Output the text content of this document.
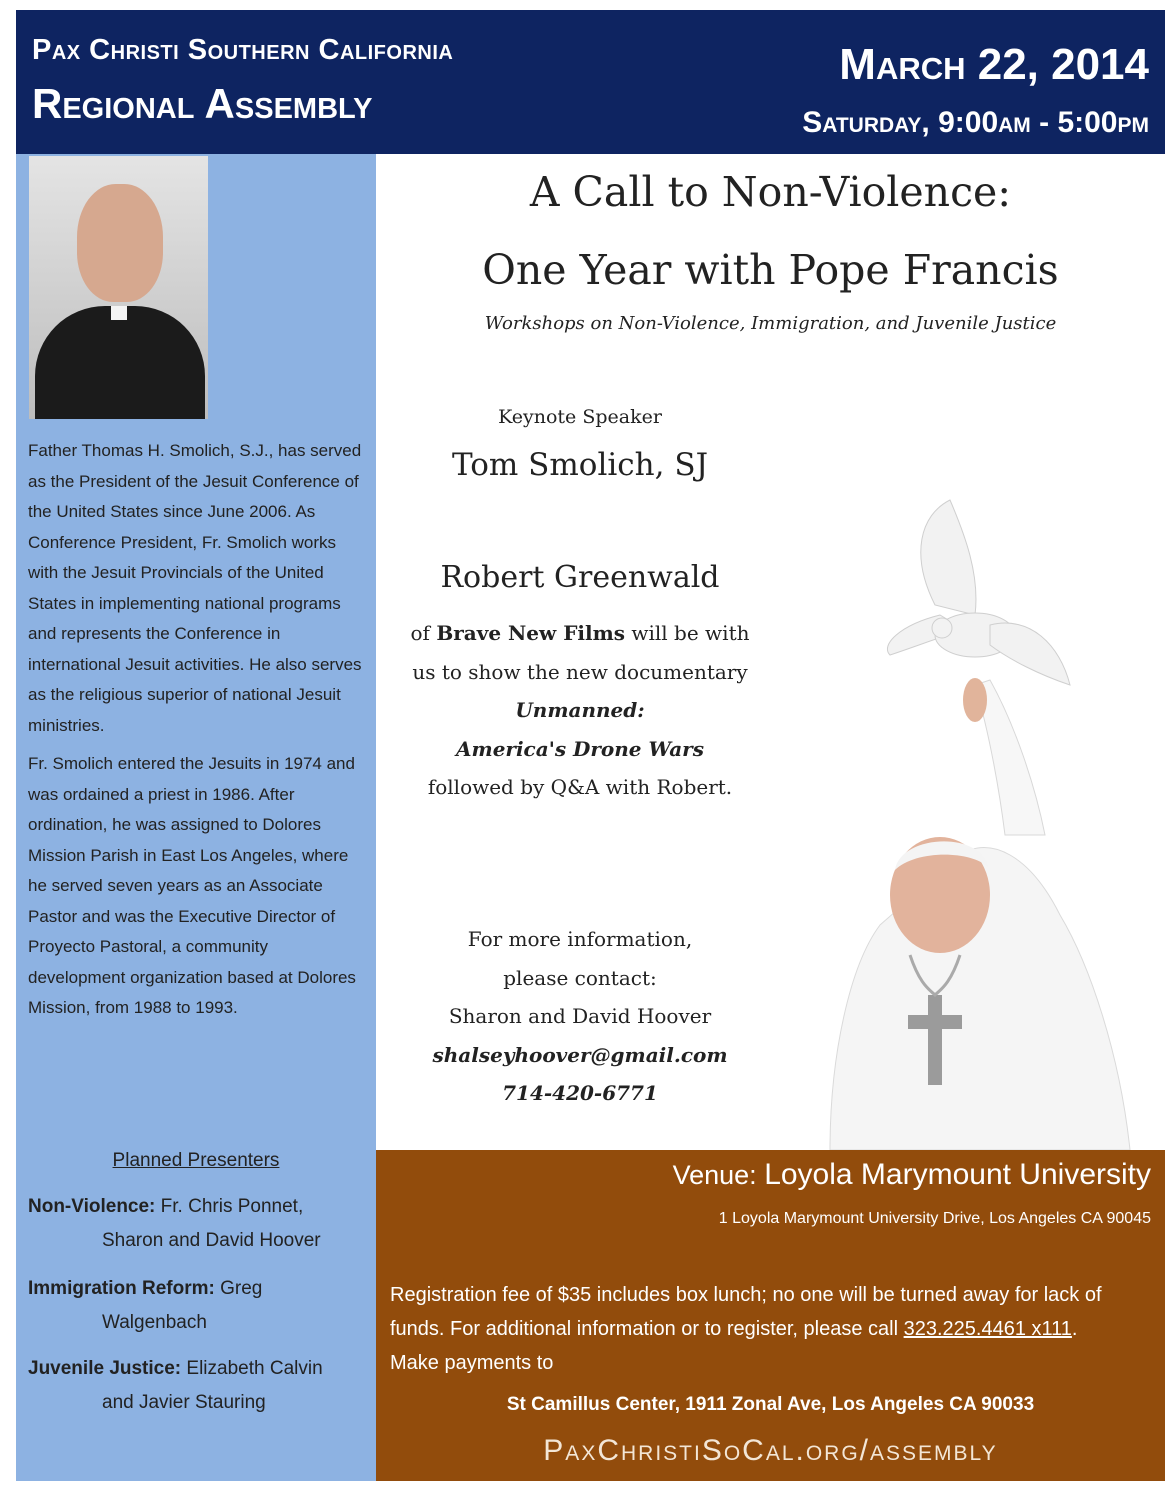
Pax Christi Southern California
Regional Assembly
March 22, 2014
Saturday, 9:00am - 5:00pm

Father Thomas H. Smolich, S.J., has served as the President of the Jesuit Conference of the United States since June 2006. As Conference President, Fr. Smolich works with the Jesuit Provincials of the United States in implementing national programs and represents the Conference in international Jesuit activities. He also serves as the religious superior of national Jesuit ministries.

Fr. Smolich entered the Jesuits in 1974 and was ordained a priest in 1986. After ordination, he was assigned to Dolores Mission Parish in East Los Angeles, where he served seven years as an Associate Pastor and was the Executive Director of Proyecto Pastoral, a community development organization based at Dolores Mission, from 1988 to 1993.

Planned Presenters
Non-Violence: Fr. Chris Ponnet,
Sharon and David Hoover
Immigration Reform: Greg
Walgenbach
Juvenile Justice: Elizabeth Calvin
and Javier Stauring
A Call to Non-Violence:
One Year with Pope Francis
Workshops on Non-Violence, Immigration, and Juvenile Justice
Keynote Speaker
Tom Smolich, SJ
Robert Greenwald
of Brave New Films will be with
us to show the new documentary
Unmanned:
America's Drone Wars
followed by Q&A with Robert.
For more information,
please contact:
Sharon and David Hoover
shalseyhoover@gmail.com
714-420-6771
Venue: Loyola Marymount University
1 Loyola Marymount University Drive, Los Angeles CA 90045
Registration fee of $35 includes box lunch; no one will be turned away for lack of funds. For additional information or to register, please call 323.225.4461 x111.
Make payments to
St Camillus Center, 1911 Zonal Ave, Los Angeles CA 90033
PaxChristiSoCal.org/assembly
